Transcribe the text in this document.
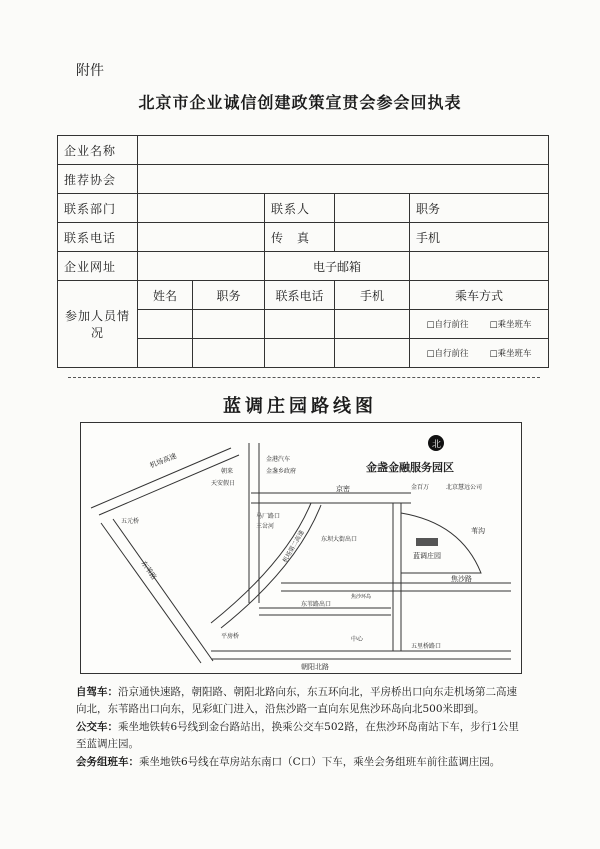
附件
北京市企业诚信创建政策宣贯会参会回执表
企业名称					
推荐协会					
联系部门			联系人		职务
联系电话			传　真		手机
企业网址			电子邮箱		
参加人员情况	姓名	职务	联系电话	手机	乘车方式

					□自行前往 □乘坐班车

					□自行前往 □乘坐班车
蓝调庄园路线图
北
金盏金融服务园区
金港汽车
金盏乡政府
朝来
天安假日
机场高速
五元桥
东苇路
马厂路口
三岔河
机场第二高速
京密
东坝大街出口
蓝调庄园
焦沙路
东苇路出口
平房桥
朝阳北路
五里桥路口
金百万	北京慧远公司
苇沟
焦沙环岛
中心

自驾车：沿京通快速路，朝阳路、朝阳北路向东，东五环向北，平房桥出口向东走机场第二高速向北，东苇路出口向东，见彩虹门进入，沿焦沙路一直向东见焦沙环岛向北500米即到。

公交车：乘坐地铁转6号线到金台路站出，换乘公交车502路，在焦沙环岛南站下车，步行1公里至蓝调庄园。

会务组班车：乘坐地铁6号线在草房站东南口（C口）下车，乘坐会务组班车前往蓝调庄园。
